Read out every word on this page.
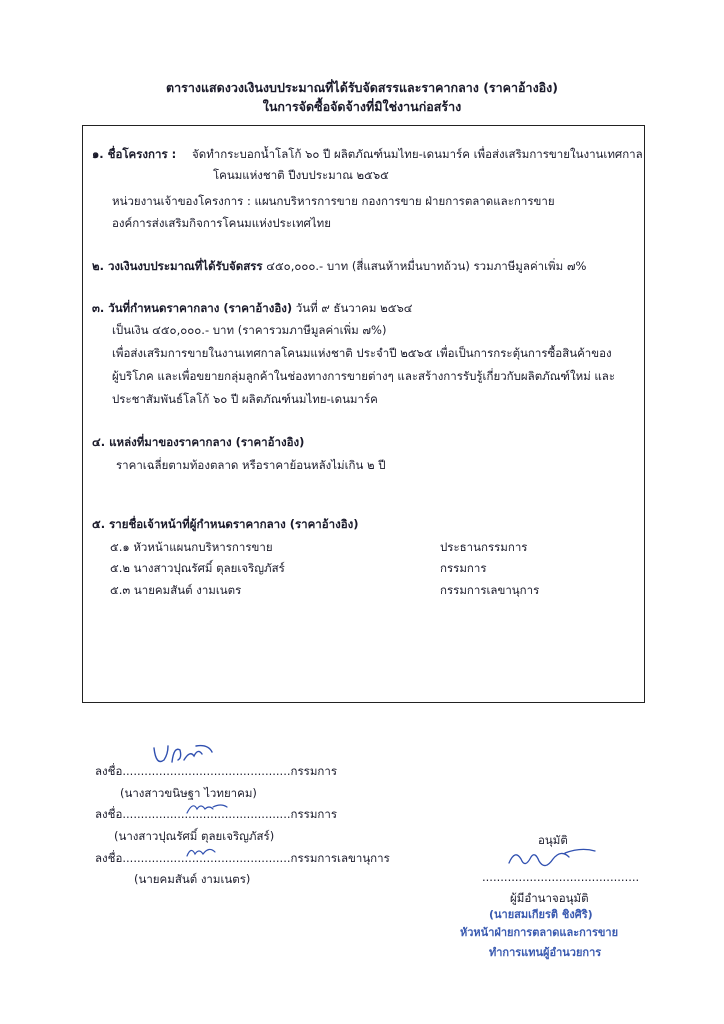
ตารางแสดงวงเงินงบประมาณที่ได้รับจัดสรรและราคากลาง (ราคาอ้างอิง)
ในการจัดซื้อจัดจ้างที่มิใช่งานก่อสร้าง
๑. ชื่อโครงการ : จัดทำกระบอกน้ำโลโก้ ๖๐ ปี ผลิตภัณฑ์นมไทย-เดนมาร์ค เพื่อส่งเสริมการขายในงานเทศกาล
โคนมแห่งชาติ ปีงบประมาณ ๒๕๖๕
หน่วยงานเจ้าของโครงการ : แผนกบริหารการขาย กองการขาย ฝ่ายการตลาดและการขาย
องค์การส่งเสริมกิจการโคนมแห่งประเทศไทย
๒. วงเงินงบประมาณที่ได้รับจัดสรร ๔๕๐,๐๐๐.- บาท (สี่แสนห้าหมื่นบาทถ้วน) รวมภาษีมูลค่าเพิ่ม ๗%
๓. วันที่กำหนดราคากลาง (ราคาอ้างอิง) วันที่ ๙ ธันวาคม ๒๕๖๔
เป็นเงิน ๔๕๐,๐๐๐.- บาท (ราคารวมภาษีมูลค่าเพิ่ม ๗%)
เพื่อส่งเสริมการขายในงานเทศกาลโคนมแห่งชาติ ประจำปี ๒๕๖๕ เพื่อเป็นการกระตุ้นการซื้อสินค้าของ
ผู้บริโภค และเพื่อขยายกลุ่มลูกค้าในช่องทางการขายต่างๆ และสร้างการรับรู้เกี่ยวกับผลิตภัณฑ์ใหม่ และ
ประชาสัมพันธ์โลโก้ ๖๐ ปี ผลิตภัณฑ์นมไทย-เดนมาร์ค
๔. แหล่งที่มาของราคากลาง (ราคาอ้างอิง)
ราคาเฉลี่ยตามท้องตลาด หรือราคาย้อนหลังไม่เกิน ๒ ปี
๕. รายชื่อเจ้าหน้าที่ผู้กำหนดราคากลาง (ราคาอ้างอิง)
๕.๑ หัวหน้าแผนกบริหารการขาย	ประธานกรรมการ
๕.๒ นางสาวปุณรัศมิ์ ตุลยเจริญภัสร์	กรรมการ
๕.๓ นายคมสันต์ งามเนตร	กรรมการเลขานุการ
ลงชื่อ..............................................กรรมการ
(นางสาวขนิษฐา ไวทยาคม)
ลงชื่อ..............................................กรรมการ
(นางสาวปุณรัศมิ์ ตุลยเจริญภัสร์)
ลงชื่อ..............................................กรรมการเลขานุการ
(นายคมสันต์ งามเนตร)
อนุมัติ
...........................................
ผู้มีอำนาจอนุมัติ
(นายสมเกียรติ ชิงศิริ)
หัวหน้าฝ่ายการตลาดและการขาย
ทำการแทนผู้อำนวยการ
